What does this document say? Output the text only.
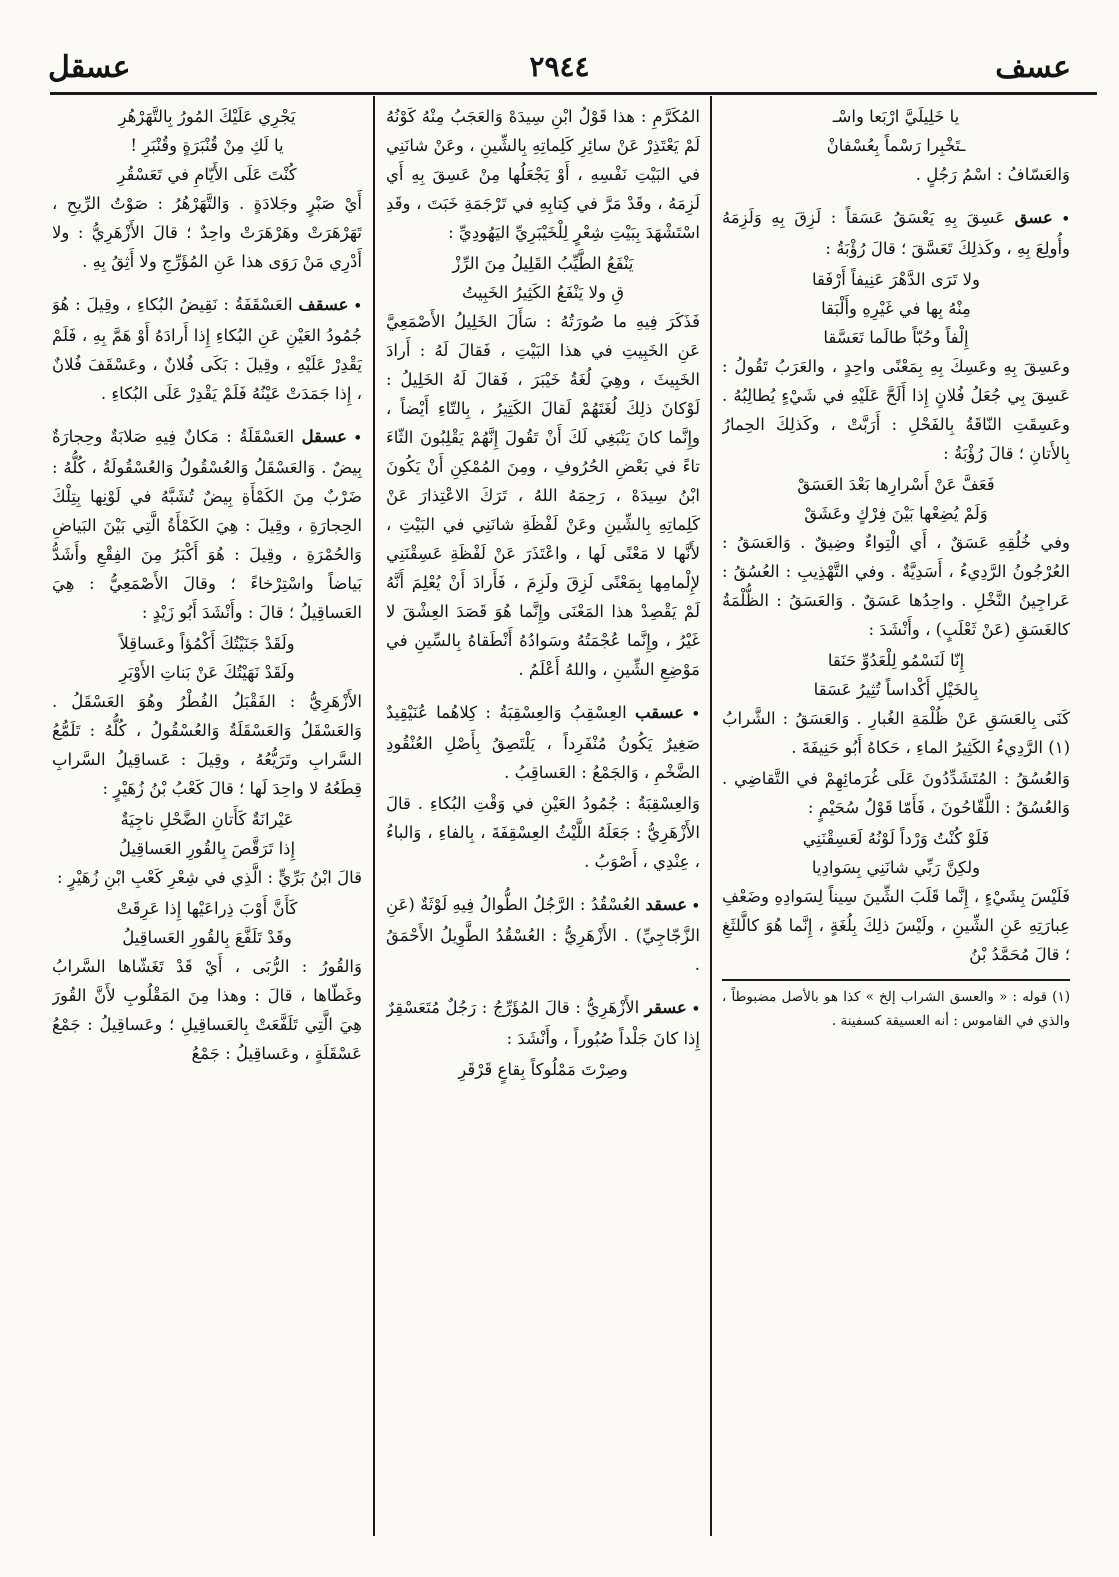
عسف
٢٩٤٤
عسقل

يا خَلِيلَيَّ ارْبَعا واسْـ

ـتَخْبِرا رَسْماً بِعُسْفانْ

وَالعَسّافُ : اسْمُ رَجُلٍ .

• عسق عَسِقَ بِهِ يَعْسَقُ عَسَقاً : لَزِقَ بِهِ وَلَزِمَهُ وأُولِعَ بِهِ ، وكَذلِكَ تَعَسَّقَ ؛ قالَ رُؤْبَةُ :

ولا تَرَى الدَّهْرَ عَنِيفاً أَرْفَقا

مِنْهُ بِها في غَيْرِهِ وأَلْبَقا

إِلْفاً وحُبّاً طالَما تَعَسَّقا

وعَسِقَ بِهِ وعَسِكَ بِهِ بِمَعْنًى واحِدٍ ، والعَرَبُ تَقُولُ : عَسِقَ بِي جُعَلُ فُلانٍ إِذا أَلَحَّ عَلَيْهِ في شَيْءٍ يُطالِبُهُ . وعَسِقَتِ النّاقَةُ بِالفَحْلِ : أَرَبَّتْ ، وكَذلِكَ الحِمارُ بِالأَتانِ ؛ قالَ رُؤْبَةُ :

فَعَفَّ عَنْ أَسْرارِها بَعْدَ العَسَقْ

وَلَمْ يُضِعْها بَيْنَ فِرْكٍ وعَشَقْ

وفي خُلُقِهِ عَسَقٌ ، أَي الْتِواءٌ وضِيقٌ . وَالعَسَقُ : العُرْجُونُ الرَّدِيءُ ، أَسَدِيَّةٌ . وفي التَّهْذِيبِ : العُسُقُ : عَراجِينُ النَّخْلِ . واحِدُها عَسَقٌ . وَالعَسَقُ : الظُّلْمَةُ كالغَسَقِ (عَنْ ثَعْلَبٍ) ، وأَنْشَدَ :

إِنّا لَنَسْمُو لِلْعَدُوِّ حَنَقا

بِالخَيْلِ أَكْداساً تُثِيرُ عَسَقا

كَنَى بِالعَسَقِ عَنْ ظُلْمَةِ الغُبارِ . وَالعَسَقُ : الشَّرابُ (١) الرَّدِيءُ الكَثِيرُ الماءِ ، حَكاهُ أَبُو حَنِيفَةَ .

وَالعُسُقُ : المُتَشَدِّدُونَ عَلَى غُرَمائِهِمْ في التَّقاضِي . وَالعُسُقُ : اللَّقّاحُونَ ، فَأَمّا قَوْلُ سُحَيْمٍ :

فَلَوْ كُنْتُ وَرْداً لَوْنُهُ لَعَسِقْنَنِي

ولكِنَّ رَبِّي شانَنِي بِسَوادِيا

فَلَيْسَ بِشَيْءٍ ، إِنَّما قَلَبَ الشِّينَ سِيناً لِسَوادِهِ وضَعْفِ عِبارَتِهِ عَنِ الشِّينِ ، ولَيْسَ ذلِكَ بِلُغَةٍ ، إِنَّما هُوَ كالَّلثَغِ ؛ قالَ مُحَمَّدُ بْنُ

(١) قوله : « والعسق الشراب إلخ » كذا هو بالأصل مضبوطاً ، والذي في القاموس : أنه العسيقة كسفينة .

المُكَرَّمِ : هذا قَوْلُ ابْنِ سِيدَهْ وَالعَجَبُ مِنْهُ كَوْنُهُ لَمْ يَعْتَذِرْ عَنْ سائِرِ كَلِماتِهِ بِالشِّينِ ، وعَنْ شانَنِي في البَيْتِ نَفْسِهِ ، أَوْ يَجْعَلُها مِنْ عَسِقَ بِهِ أَي لَزِمَهُ ، وقَدْ مَرَّ في كِتابِهِ في تَرْجَمَةِ خَبَتَ ، وقَدِ اسْتَشْهَدَ بِبَيْتِ شِعْرٍ لِلْخَيْبَرِيِّ اليَهُودِيِّ :

يَنْفَعُ الطَّيِّبُ القَلِيلُ مِنَ الرِّزْ

قِ ولا يَنْفَعُ الكَثِيرُ الخَبِيتُ

فَذَكَرَ فِيهِ ما صُورَتُهُ : سَأَلَ الخَلِيلُ الأَصْمَعِيَّ عَنِ الخَبِيتِ في هذا البَيْتِ ، فَقالَ لَهُ : أَرادَ الخَبِيثَ ، وهِيَ لُغَةُ خَيْبَرَ ، فَقالَ لَهُ الخَلِيلُ : لَوْكانَ ذلِكَ لُغَتَهُمْ لَقالَ الكَتِيرُ ، بِالتّاءِ أَيْضاً ، وإِنَّما كانَ يَنْبَغِي لَكَ أَنْ تَقُولَ إِنَّهُمْ يَقْلِبُونَ الثّاءَ تاءً في بَعْضِ الحُرُوفِ ، ومِنَ المُمْكِنِ أَنْ يَكُونَ ابْنُ سِيدَهْ ، رَحِمَهُ اللهُ ، تَرَكَ الاعْتِذارَ عَنْ كَلِماتِهِ بِالشِّينِ وعَنْ لَفْظَةِ شانَنِي في البَيْتِ ، لأَنَّها لا مَعْنًى لَها ، واعْتَذَرَ عَنْ لَفْظَةِ عَسِقْنَنِي لإِلْمامِها بِمَعْنًى لَزِقَ ولَزِمَ ، فَأَرادَ أَنْ يُعْلِمَ أَنَّهُ لَمْ يَقْصِدْ هذا المَعْنَى وإِنَّما هُوَ قَصَدَ العِشْقَ لا غَيْرُ ، وإِنَّما عُجْمَتُهُ وسَوادُهُ أَنْطَقاهُ بِالسِّينِ في مَوْضِعِ الشِّينِ ، واللهُ أَعْلَمُ .

• عسقب العِسْقِبُ وَالعِسْقِبَةُ : كِلاهُما عُنَيْقِيدٌ صَغِيرٌ يَكُونُ مُنْفَرِداً ، يَلْتَصِقُ بِأَصْلِ العُنْقُودِ الضَّخْمِ ، وَالجَمْعُ : العَساقِبُ .

وَالعِسْقِبَةُ : جُمُودُ العَيْنِ في وَقْتِ البُكاءِ . قالَ الأَزْهَرِيُّ : جَعَلَهُ اللَّيْثُ العِسْقِفَةَ ، بِالفاءِ ، وَالباءُ ، عِنْدِي ، أَصْوَبُ .

• عسقد العُسْقُدُ : الرَّجُلُ الطُّوالُ فِيهِ لَوْثَةٌ (عَنِ الزَّجّاجِيِّ) . الأَزْهَرِيُّ : العُسْقُدُ الطَّوِيلُ الأَحْمَقُ .

• عسقر الأَزْهَرِيُّ : قالَ المُؤَرِّجُ : رَجُلٌ مُتَعَسْقِرٌ إِذا كانَ جَلْداً صُبُوراً ، وأَنْشَدَ :

وصِرْتَ مَمْلُوكاً بِقاعٍ قَرْقَرِ

يَجْرِي عَلَيْكَ المُورُ بِالتَّهَرْهُرِ

يا لَكِ مِنْ قُنْبَرَةٍ وقُنْبَرِ !

كُنْتَ عَلَى الأَيّامِ في تَعَسْقُرِ

أَيْ صَبْرٍ وجَلادَةٍ . وَالتَّهَرْهُرُ : صَوْتُ الرِّيحِ ، تَهَرْهَرَتْ وهَرْهَرَتْ واحِدٌ ؛ قالَ الأَزْهَرِيُّ : ولا أَدْرِي مَنْ رَوَى هذا عَنِ المُؤَرِّجِ ولا أَثِقُ بِهِ .

• عسقف العَسْقَفَةُ : نَقِيضُ البُكاءِ ، وقِيلَ : هُوَ جُمُودُ العَيْنِ عَنِ البُكاءِ إِذا أَرادَهُ أَوْ هَمَّ بِهِ ، فَلَمْ يَقْدِرْ عَلَيْهِ ، وقِيلَ : بَكَى فُلانٌ ، وعَسْقَفَ فُلانٌ ، إِذا جَمَدَتْ عَيْنُهُ فَلَمْ يَقْدِرْ عَلَى البُكاءِ .

• عسقل العَسْقَلَةُ : مَكانٌ فِيهِ صَلابَةٌ وحِجارَةٌ بِيضٌ . وَالعَسْقَلُ وَالعُسْقُولُ وَالعُسْقُولَةُ ، كُلُّهُ : ضَرْبٌ مِنَ الكَمْأَةِ بِيضٌ تُشَبَّهُ في لَوْنِها بِتِلْكَ الحِجارَةِ ، وقِيلَ : هِيَ الكَمْأَةُ الَّتِي بَيْنَ البَياضِ وَالحُمْرَةِ ، وقِيلَ : هُوَ أَكْبَرُ مِنَ الفِقْعِ وأَشَدُّ بَياضاً واسْتِرْخاءً ؛ وقالَ الأَصْمَعِيُّ : هِيَ العَساقِيلُ ؛ قالَ : وأَنْشَدَ أَبُو زَيْدٍ :

ولَقَدْ جَنَيْتُكَ أَكْمُؤاً وعَساقِلاً

ولَقَدْ نَهَيْتُكَ عَنْ بَناتِ الأَوْبَرِ

الأَزْهَرِيُّ : الفَقْبَلُ الفُطْرُ وهُوَ العَسْقَلُ . وَالعَسْقَلُ وَالعَسْقَلَةُ وَالعُسْقُولُ ، كُلُّهُ : تَلَمُّعُ السَّرابِ وتَرَيُّعُهُ ، وقِيلَ : عَساقِيلُ السَّرابِ قِطَعُهُ لا واحِدَ لَها ؛ قالَ كَعْبُ بْنُ زُهَيْرٍ :

عَيْرانَةٌ كَأَتانِ الضَّحْلِ ناجِيَةٌ

إِذا تَرَقَّصَ بِالقُورِ العَساقِيلُ

قالَ ابْنُ بَرِّيٍّ : الَّذِي في شِعْرِ كَعْبِ ابْنِ زُهَيْرٍ :

كَأَنَّ أَوْبَ ذِراعَيْها إِذا عَرِقَتْ

وقَدْ تَلَفَّعَ بِالقُورِ العَساقِيلُ

وَالقُورُ : الرُّبَى ، أَيْ قَدْ تَغَشّاها السَّرابُ وغَطّاها ، قالَ : وهذا مِنَ المَقْلُوبِ لأَنَّ القُورَ هِيَ الَّتِي تَلَفَّعَتْ بِالعَساقِيلِ ؛ وعَساقِيلُ : جَمْعُ عَسْقَلَةٍ ، وعَساقِيلُ : جَمْعُ
